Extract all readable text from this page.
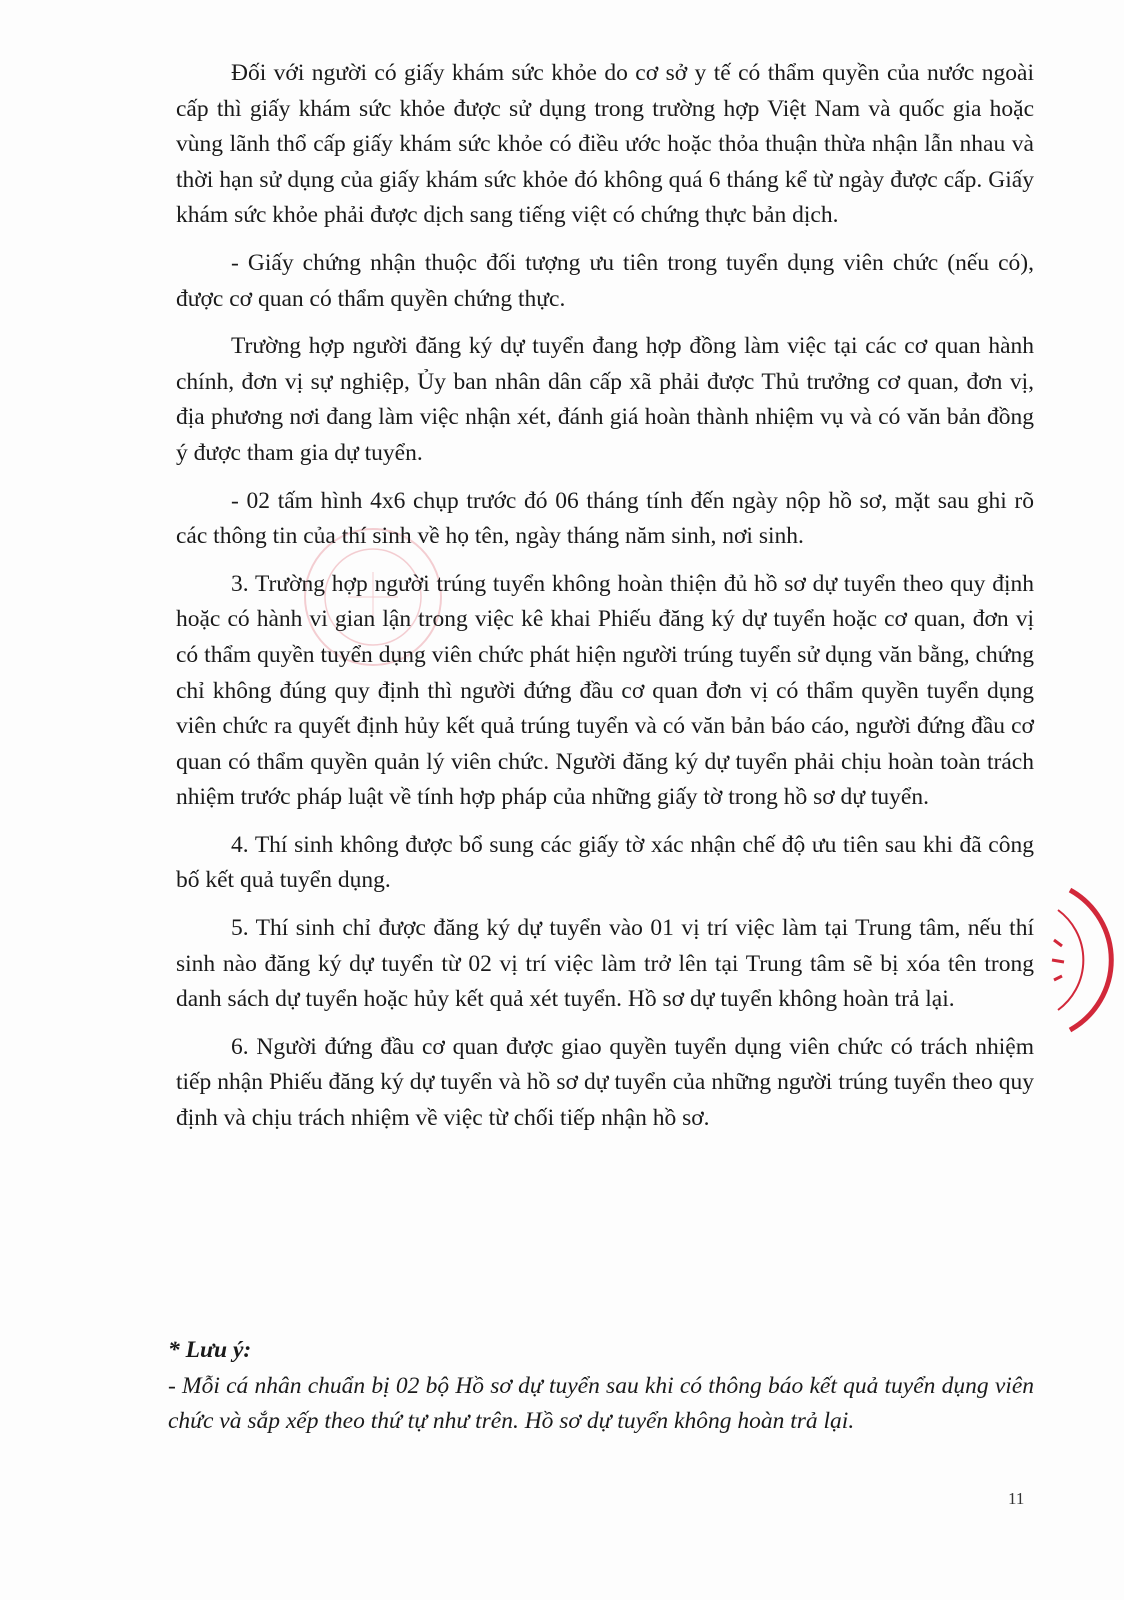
Đối với người có giấy khám sức khỏe do cơ sở y tế có thẩm quyền của nước ngoài cấp thì giấy khám sức khỏe được sử dụng trong trường hợp Việt Nam và quốc gia hoặc vùng lãnh thổ cấp giấy khám sức khỏe có điều ước hoặc thỏa thuận thừa nhận lẫn nhau và thời hạn sử dụng của giấy khám sức khỏe đó không quá 6 tháng kể từ ngày được cấp. Giấy khám sức khỏe phải được dịch sang tiếng việt có chứng thực bản dịch.

- Giấy chứng nhận thuộc đối tượng ưu tiên trong tuyển dụng viên chức (nếu có), được cơ quan có thẩm quyền chứng thực.

Trường hợp người đăng ký dự tuyển đang hợp đồng làm việc tại các cơ quan hành chính, đơn vị sự nghiệp, Ủy ban nhân dân cấp xã phải được Thủ trưởng cơ quan, đơn vị, địa phương nơi đang làm việc nhận xét, đánh giá hoàn thành nhiệm vụ và có văn bản đồng ý được tham gia dự tuyển.

- 02 tấm hình 4x6 chụp trước đó 06 tháng tính đến ngày nộp hồ sơ, mặt sau ghi rõ các thông tin của thí sinh về họ tên, ngày tháng năm sinh, nơi sinh.

3. Trường hợp người trúng tuyển không hoàn thiện đủ hồ sơ dự tuyển theo quy định hoặc có hành vi gian lận trong việc kê khai Phiếu đăng ký dự tuyển hoặc cơ quan, đơn vị có thẩm quyền tuyển dụng viên chức phát hiện người trúng tuyển sử dụng văn bằng, chứng chỉ không đúng quy định thì người đứng đầu cơ quan đơn vị có thẩm quyền tuyển dụng viên chức ra quyết định hủy kết quả trúng tuyển và có văn bản báo cáo, người đứng đầu cơ quan có thẩm quyền quản lý viên chức. Người đăng ký dự tuyển phải chịu hoàn toàn trách nhiệm trước pháp luật về tính hợp pháp của những giấy tờ trong hồ sơ dự tuyển.

4. Thí sinh không được bổ sung các giấy tờ xác nhận chế độ ưu tiên sau khi đã công bố kết quả tuyển dụng.

5. Thí sinh chỉ được đăng ký dự tuyển vào 01 vị trí việc làm tại Trung tâm, nếu thí sinh nào đăng ký dự tuyển từ 02 vị trí việc làm trở lên tại Trung tâm sẽ bị xóa tên trong danh sách dự tuyển hoặc hủy kết quả xét tuyển. Hồ sơ dự tuyển không hoàn trả lại.

6. Người đứng đầu cơ quan được giao quyền tuyển dụng viên chức có trách nhiệm tiếp nhận Phiếu đăng ký dự tuyển và hồ sơ dự tuyển của những người trúng tuyển theo quy định và chịu trách nhiệm về việc từ chối tiếp nhận hồ sơ.

* Lưu ý:

- Mỗi cá nhân chuẩn bị 02 bộ Hồ sơ dự tuyển sau khi có thông báo kết quả tuyển dụng viên chức và sắp xếp theo thứ tự như trên. Hồ sơ dự tuyển không hoàn trả lại.

11
